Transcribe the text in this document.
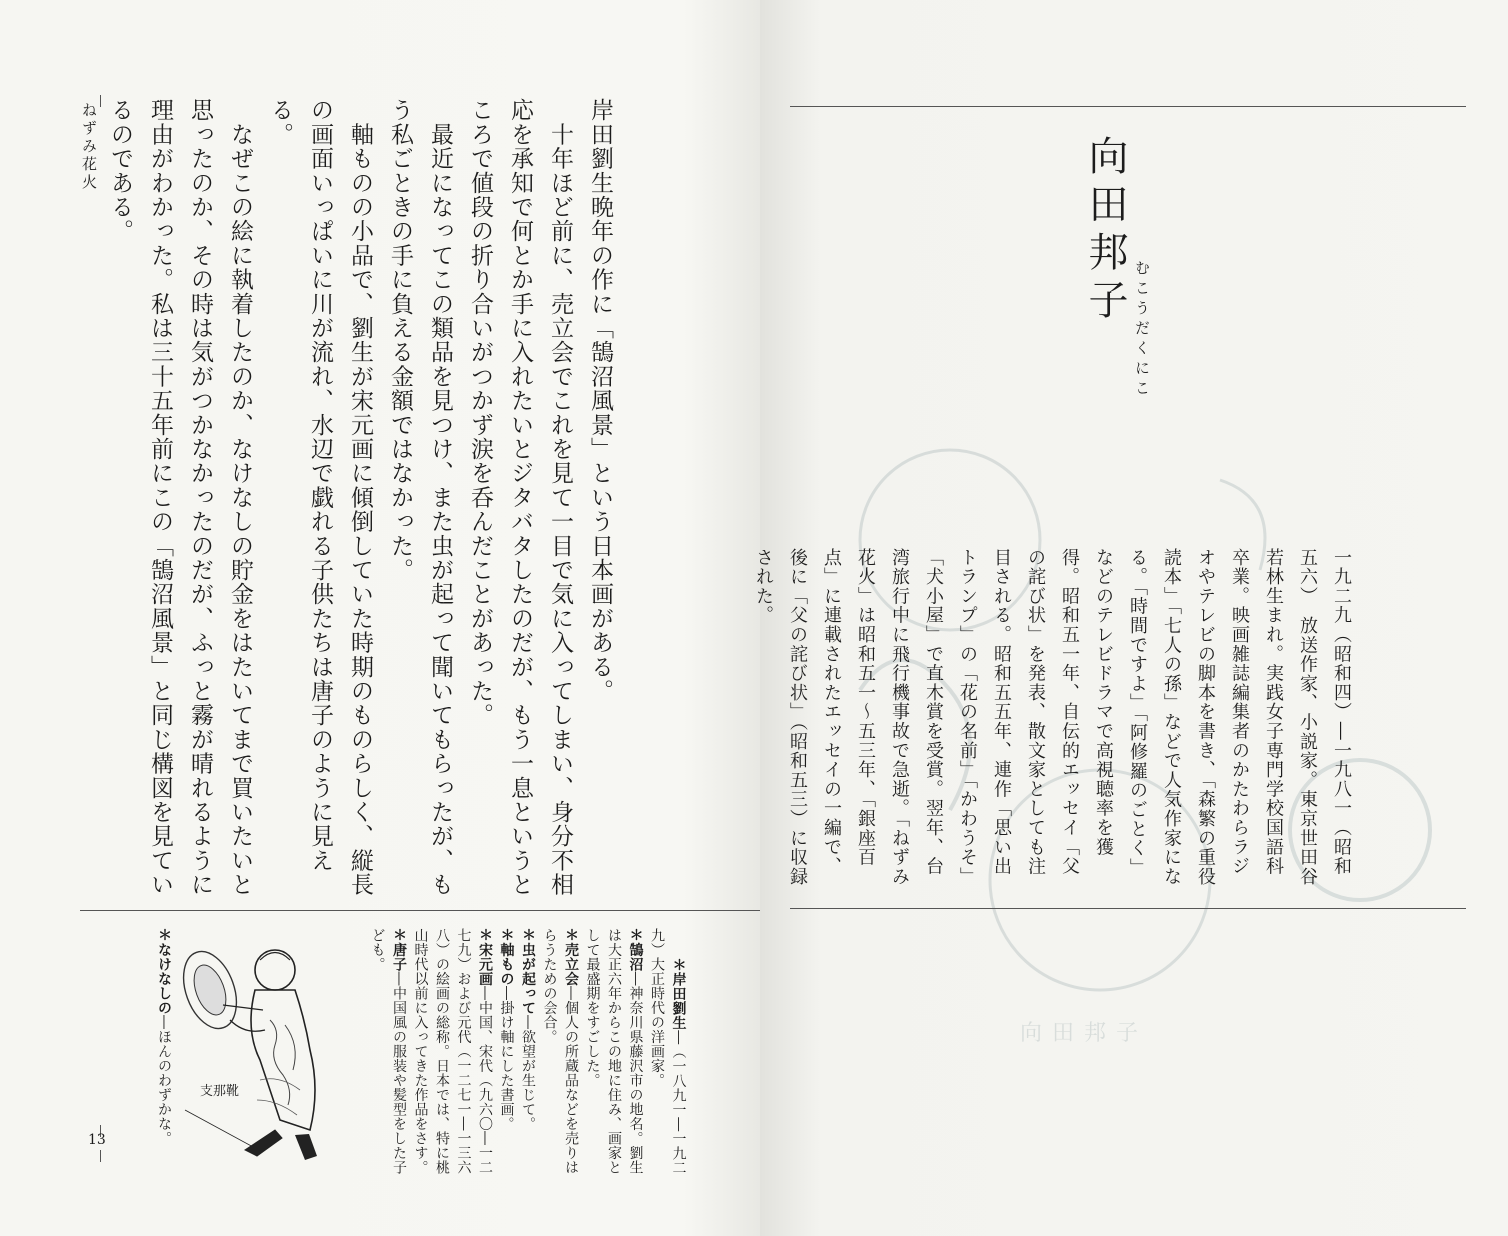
ねずみ花火	岸田劉生晩年の作に「鵠沼風景」という日本画がある。
　十年ほど前に、売立会でこれを見て一目で気に入ってしまい、身分不相応を承知で何とか手に入れたいとジタバタしたのだが、もう一息というところで値段の折り合いがつかず涙を呑んだことがあった。
　最近になってこの類品を見つけ、また虫が起って聞いてもらったが、もう私ごときの手に負える金額ではなかった。
　軸ものの小品で、劉生が宋元画に傾倒していた時期のものらしく、縦長の画面いっぱいに川が流れ、水辺で戯れる子供たちは唐子のように見える。
　なぜこの絵に執着したのか、なけなしの貯金をはたいてまで買いたいと思ったのか、その時は気がつかなかったのだが、ふっと霧が晴れるように理由がわかった。私は三十五年前にこの「鵠沼風景」と同じ構図を見ているのである。

＊岸田劉生―（一八九一―一九二九）大正時代の洋画家。
＊鵠沼―神奈川県藤沢市の地名。劉生は大正六年からこの地に住み、画家として最盛期をすごした。
＊売立会―個人の所蔵品などを売りはらうための会合。
＊虫が起って―欲望が生じて。
＊軸もの―掛け軸にした書画。
＊宋元画―中国、宋代（九六〇―一二七九）および元代（一二七一―一三六八）の絵画の総称。日本では、特に桃山時代以前に入ってきた作品をさす。
＊唐子―中国風の服装や髪型をした子ども。

＊なけなしの―ほんのわずかな。 支那靴
13
向田邦子
向田邦子
むこうだくにこ
一九二九（昭和四）―一九八一（昭和五六）　放送作家、小説家。東京世田谷若林生まれ。実践女子専門学校国語科卒業。映画雑誌編集者のかたわらラジオやテレビの脚本を書き、「森繁の重役読本」「七人の孫」などで人気作家になる。「時間ですよ」「阿修羅のごとく」などのテレビドラマで高視聴率を獲得。昭和五一年、自伝的エッセイ「父の詫び状」を発表、散文家としても注目される。昭和五五年、連作「思い出トランプ」の「花の名前」「かわうそ」「犬小屋」で直木賞を受賞。翌年、台湾旅行中に飛行機事故で急逝。「ねずみ花火」は昭和五一～五三年、「銀座百点」に連載されたエッセイの一編で、後に「父の詫び状」（昭和五三）に収録された。
